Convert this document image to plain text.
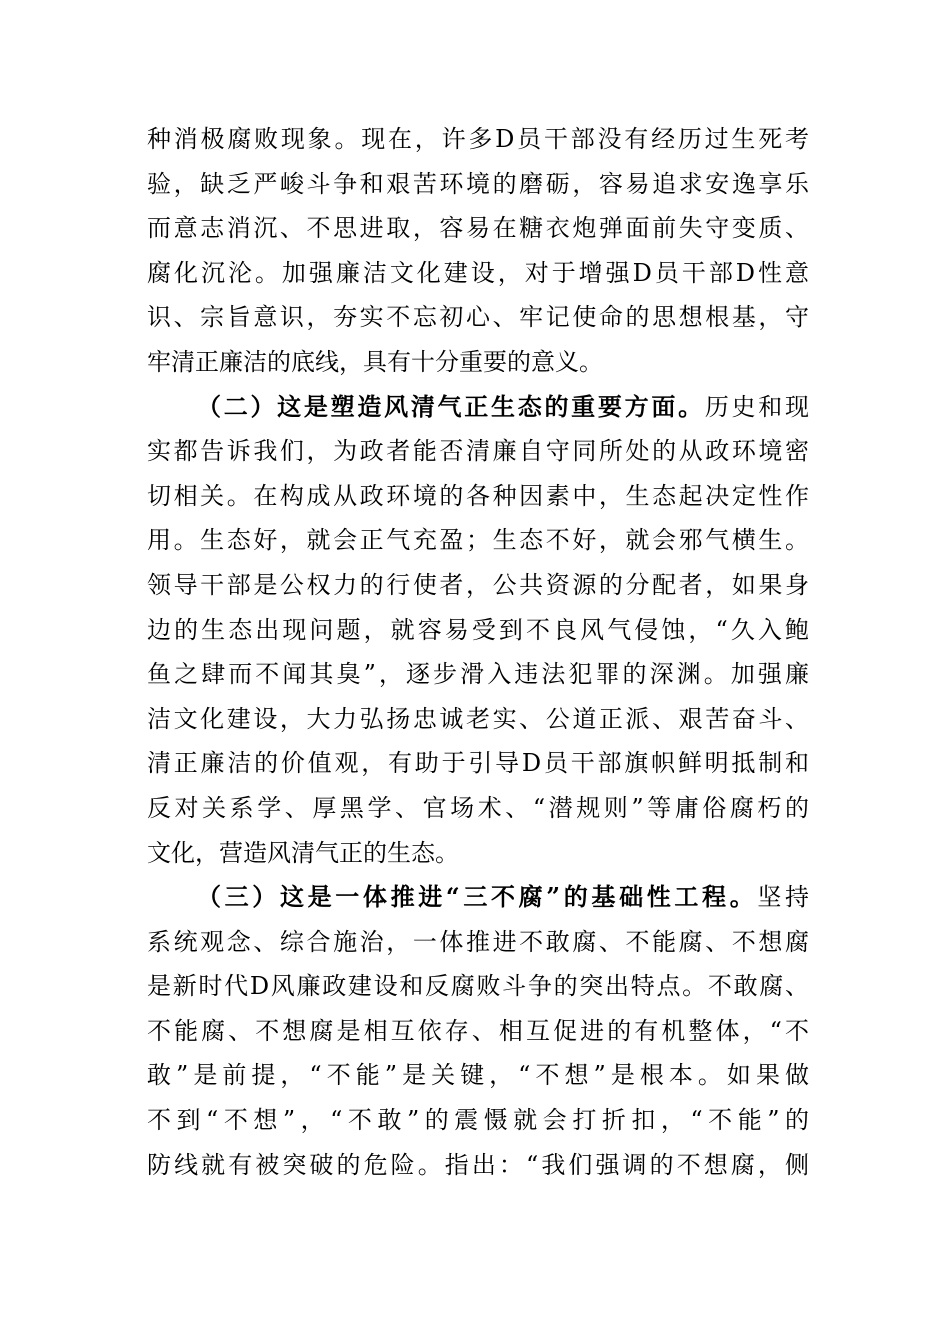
种消极腐败现象。现在，许多D员干部没有经历过生死考
验，缺乏严峻斗争和艰苦环境的磨砺，容易追求安逸享乐
而意志消沉、不思进取，容易在糖衣炮弹面前失守变质、
腐化沉沦。加强廉洁文化建设，对于增强D员干部D性意
识、宗旨意识，夯实不忘初心、牢记使命的思想根基，守
牢清正廉洁的底线，具有十分重要的意义。
（二）这是塑造风清气正生态的重要方面。历史和现
实都告诉我们，为政者能否清廉自守同所处的从政环境密
切相关。在构成从政环境的各种因素中，生态起决定性作
用。生态好，就会正气充盈；生态不好，就会邪气横生。
领导干部是公权力的行使者，公共资源的分配者，如果身
边的生态出现问题，就容易受到不良风气侵蚀，“久入鲍
鱼之肆而不闻其臭”，逐步滑入违法犯罪的深渊。加强廉
洁文化建设，大力弘扬忠诚老实、公道正派、艰苦奋斗、
清正廉洁的价值观，有助于引导D员干部旗帜鲜明抵制和
反对关系学、厚黑学、官场术、“潜规则”等庸俗腐朽的
文化，营造风清气正的生态。
（三）这是一体推进“三不腐”的基础性工程。坚持
系统观念、综合施治，一体推进不敢腐、不能腐、不想腐
是新时代D风廉政建设和反腐败斗争的突出特点。不敢腐、
不能腐、不想腐是相互依存、相互促进的有机整体，“不
敢”是前提，“不能”是关键，“不想”是根本。如果做
不到“不想”，“不敢”的震慑就会打折扣，“不能”的
防线就有被突破的危险。指出：“我们强调的不想腐，侧
